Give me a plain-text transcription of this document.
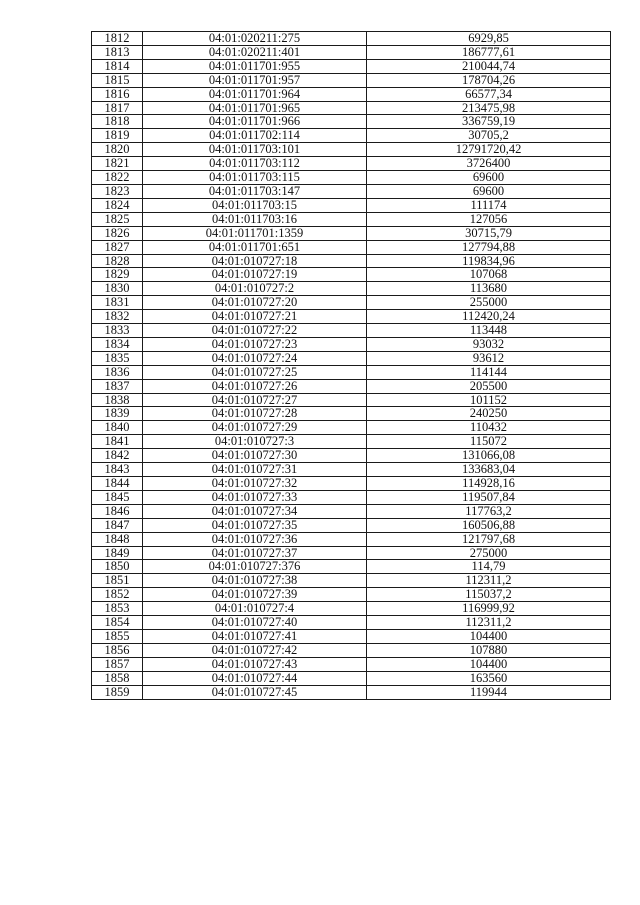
1812	04:01:020211:275	6929,85
1813	04:01:020211:401	186777,61
1814	04:01:011701:955	210044,74
1815	04:01:011701:957	178704,26
1816	04:01:011701:964	66577,34
1817	04:01:011701:965	213475,98
1818	04:01:011701:966	336759,19
1819	04:01:011702:114	30705,2
1820	04:01:011703:101	12791720,42
1821	04:01:011703:112	3726400
1822	04:01:011703:115	69600
1823	04:01:011703:147	69600
1824	04:01:011703:15	111174
1825	04:01:011703:16	127056
1826	04:01:011701:1359	30715,79
1827	04:01:011701:651	127794,88
1828	04:01:010727:18	119834,96
1829	04:01:010727:19	107068
1830	04:01:010727:2	113680
1831	04:01:010727:20	255000
1832	04:01:010727:21	112420,24
1833	04:01:010727:22	113448
1834	04:01:010727:23	93032
1835	04:01:010727:24	93612
1836	04:01:010727:25	114144
1837	04:01:010727:26	205500
1838	04:01:010727:27	101152
1839	04:01:010727:28	240250
1840	04:01:010727:29	110432
1841	04:01:010727:3	115072
1842	04:01:010727:30	131066,08
1843	04:01:010727:31	133683,04
1844	04:01:010727:32	114928,16
1845	04:01:010727:33	119507,84
1846	04:01:010727:34	117763,2
1847	04:01:010727:35	160506,88
1848	04:01:010727:36	121797,68
1849	04:01:010727:37	275000
1850	04:01:010727:376	114,79
1851	04:01:010727:38	112311,2
1852	04:01:010727:39	115037,2
1853	04:01:010727:4	116999,92
1854	04:01:010727:40	112311,2
1855	04:01:010727:41	104400
1856	04:01:010727:42	107880
1857	04:01:010727:43	104400
1858	04:01:010727:44	163560
1859	04:01:010727:45	119944
